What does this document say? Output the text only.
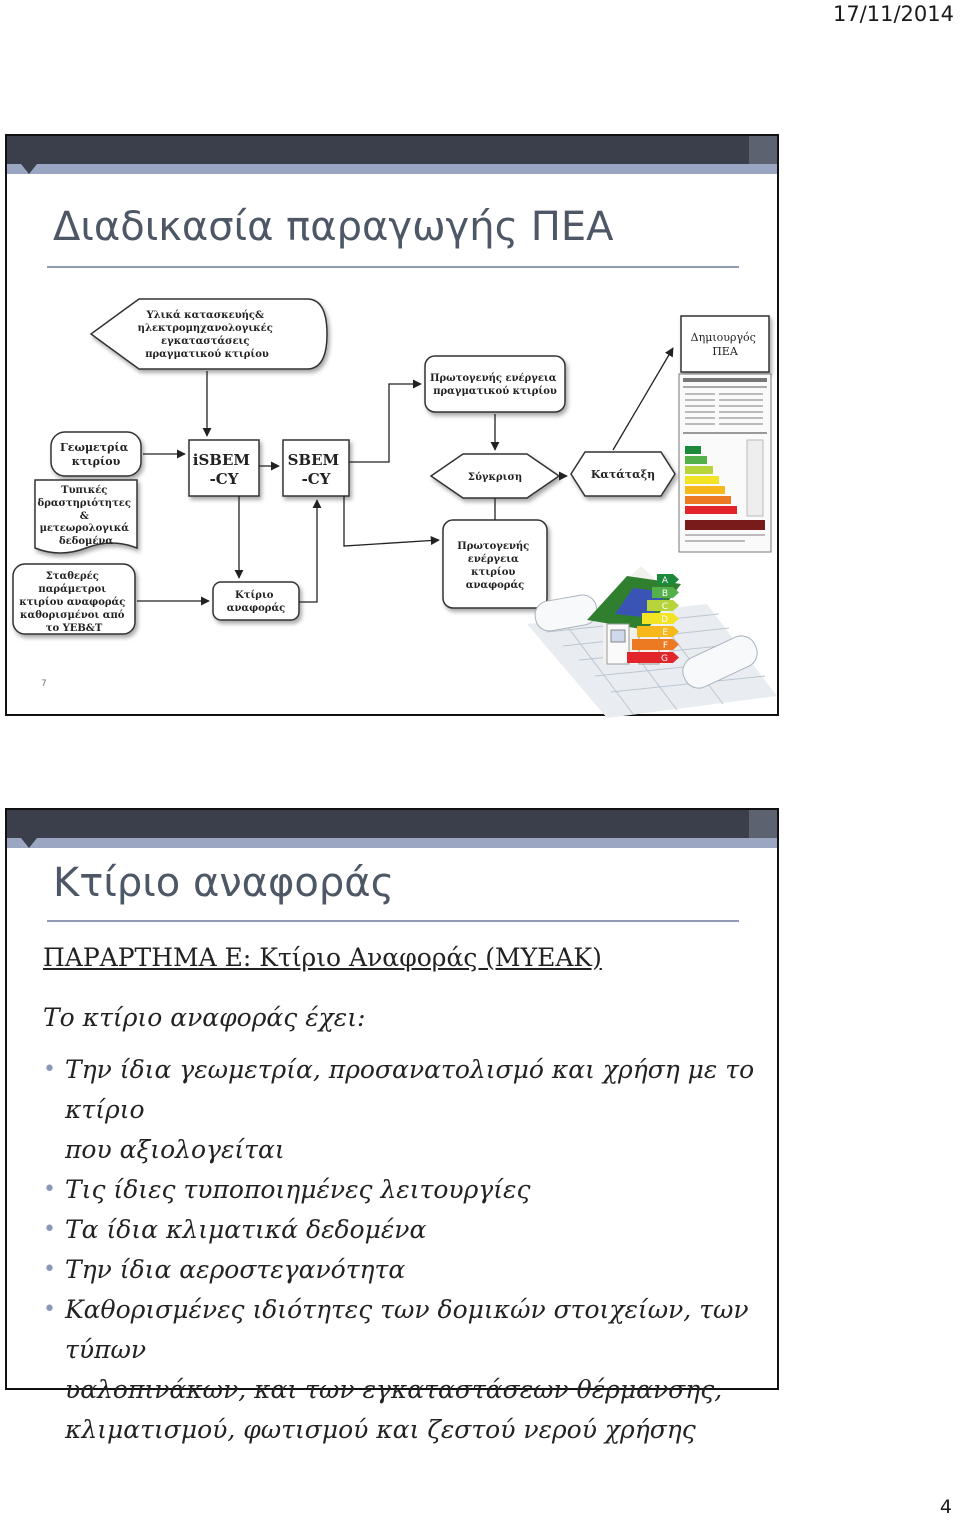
17/11/2014
Υλικά κατασκευής& ηλεκτρομηχανολογικές εγκαταστάσεις πραγματικού κτιρίου
Γεωμετρία κτιρίου
Τυπικές δραστηριότητες & μετεωρολογικά δεδομένα
Σταθερές παράμετροι κτιρίου αναφοράς καθορισμένοι από το ΥΕΒ&Τ
iSBEM -CY
SBEM -CY
Κτίριο αναφοράς
Πρωτογενής ενέργεια πραγματικού κτιρίου
Σύγκριση
Πρωτογενής ενέργεια κτιρίου αναφοράς
Κατάταξη
Δημιουργός ΠΕΑ
A
B
C
D
E
F
G
7
Διαδικασία παραγωγής ΠΕΑ
Κτίριο αναφοράς
ΠΑΡΑΡΤΗΜΑ Ε: Κτίριο Αναφοράς (ΜΥΕΑΚ)
Το κτίριο αναφοράς έχει:
• Την ίδια γεωμετρία, προσανατολισμό και χρήση με το κτίριο
που αξιολογείται
• Τις ίδιες τυποποιημένες λειτουργίες
• Τα ίδια κλιματικά δεδομένα
• Την ίδια αεροστεγανότητα
• Καθορισμένες ιδιότητες των δομικών στοιχείων, των τύπων
υαλοπινάκων, και των εγκαταστάσεων θέρμανσης,
κλιματισμού, φωτισμού και ζεστού νερού χρήσης
4
